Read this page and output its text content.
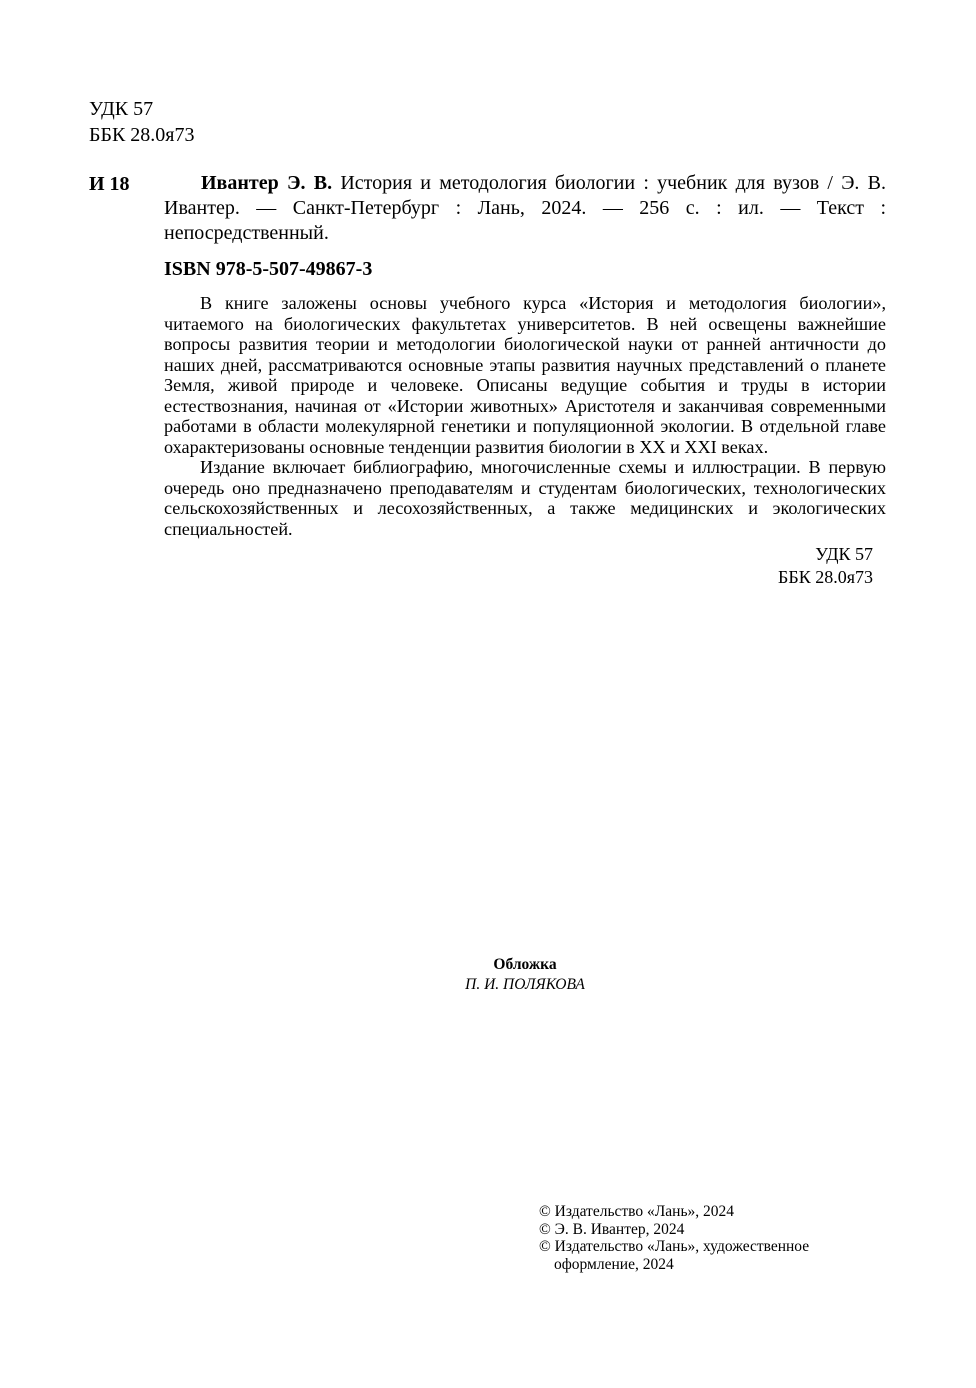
УДК 57
ББК 28.0я73
И 18	Ивантер Э. В. История и методология биологии : учебник для вузов / Э. В. Ивантер. — Санкт-Петербург : Лань, 2024. — 256 с. : ил. — Текст : непосредственный.
ISBN 978-5-507-49867-3

В книге заложены основы учебного курса «История и методология биологии», читаемого на биологических факультетах университетов. В ней освещены важнейшие вопросы развития теории и методологии биологической науки от ранней античности до наших дней, рассматриваются основные этапы развития научных представлений о планете Земля, живой природе и человеке. Описаны ведущие события и труды в истории естествознания, начиная от «Истории животных» Аристотеля и заканчивая современными работами в области молекулярной генетики и популяционной экологии. В отдельной главе охарактеризованы основные тенденции развития биологии в XX и XXI веках.

Издание включает библиографию, многочисленные схемы и иллюстрации. В первую очередь оно предназначено преподавателям и студентам биологических, технологических сельскохозяйственных и лесохозяйственных, а также медицинских и экологических специальностей.

УДК 57
ББК 28.0я73
Обложка
П. И. ПОЛЯКОВА
© Издательство «Лань», 2024
© Э. В. Ивантер, 2024
© Издательство «Лань», художественное
оформление, 2024
